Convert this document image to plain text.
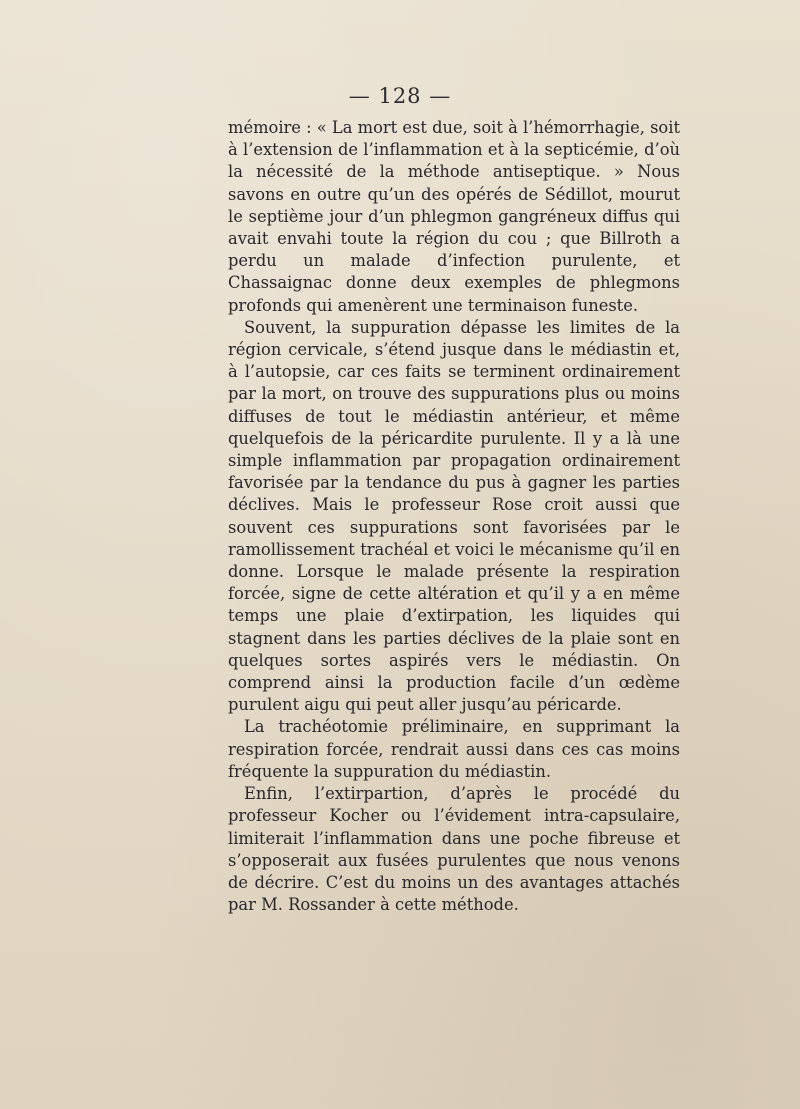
— 128 —

mémoire : « La mort est due, soit à l’hémorrhagie, soit à l’extension de l’inflammation et à la septicémie, d’où la nécessité de la méthode antiseptique. » Nous savons en outre qu’un des opérés de Sédillot, mourut le septième jour d’un phlegmon gangréneux diffus qui avait envahi toute la région du cou ; que Billroth a perdu un malade d’infection purulente, et Chassaignac donne deux exemples de phlegmons profonds qui amenèrent une terminaison funeste.

Souvent, la suppuration dépasse les limites de la région cervicale, s’étend jusque dans le médiastin et, à l’autopsie, car ces faits se terminent ordinairement par la mort, on trouve des suppurations plus ou moins diffuses de tout le médiastin antérieur, et même quelquefois de la péricardite purulente. Il y a là une simple inflammation par propagation ordinairement favorisée par la tendance du pus à gagner les parties déclives. Mais le professeur Rose croit aussi que souvent ces suppurations sont favorisées par le ramollissement trachéal et voici le mécanisme qu’il en donne. Lorsque le malade présente la respiration forcée, signe de cette altération et qu’il y a en même temps une plaie d’extirpation, les liquides qui stagnent dans les parties déclives de la plaie sont en quelques sortes aspirés vers le médiastin. On comprend ainsi la production facile d’un œdème purulent aigu qui peut aller jusqu’au péricarde.

La trachéotomie préliminaire, en supprimant la respiration forcée, rendrait aussi dans ces cas moins fréquente la suppuration du médiastin.

Enfin, l’extirpartion, d’après le procédé du professeur Kocher ou l’évidement intra-capsulaire, limiterait l’inflammation dans une poche fibreuse et s’opposerait aux fusées purulentes que nous venons de décrire. C’est du moins un des avantages attachés par M. Rossander à cette méthode.
